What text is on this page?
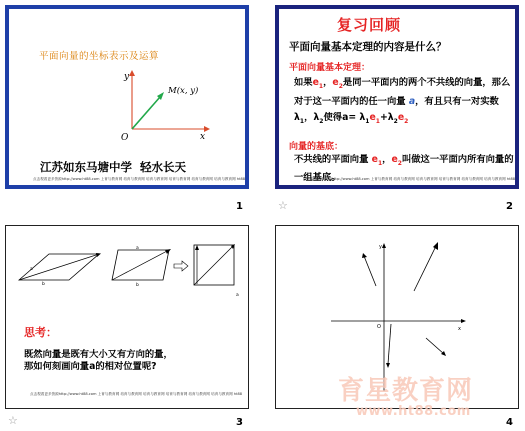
平面向量的坐标表示及运算
y
x
O
M(x, y)
江苏如东马塘中学 轻水长天
点击观看更多资源http://www.ht88.com 上育与教育网 培育与教育网 培育与教育网 培育与教育网 培育与教育网 培育与教育网 ht88
1
复习回顾
平面向量基本定理的内容是什么？
平面向量基本定理：
如果$e_1$，$e_2$是同一平面内的两个不共线的向量，那么对于这一平面内的任一向量 a，有且只有一对实数 $\lambda_1$，$\lambda_2$使得$a= \lambda_1e_1+\lambda_2e_2$
向量的基底：
不共线的平面向量 $e_1$，$e_2$叫做这一平面内所有向量的一组基底。
点击观看更多资源http://www.ht88.com 上育与教育网 培育与教育网 培育与教育网 培育与教育网 培育与教育网 培育与教育网 ht88
☆	2
a
b
a
b
a
思考：
既然向量是既有大小又有方向的量，
那如何刻画向量a的相对位置呢?
点击观看更多资源http://www.ht88.com 上育与教育网 培育与教育网 培育与教育网 培育与教育网 培育与教育网 培育与教育网 ht88
☆	3
y
x
O
4
育星教育网
www.ht88.com
